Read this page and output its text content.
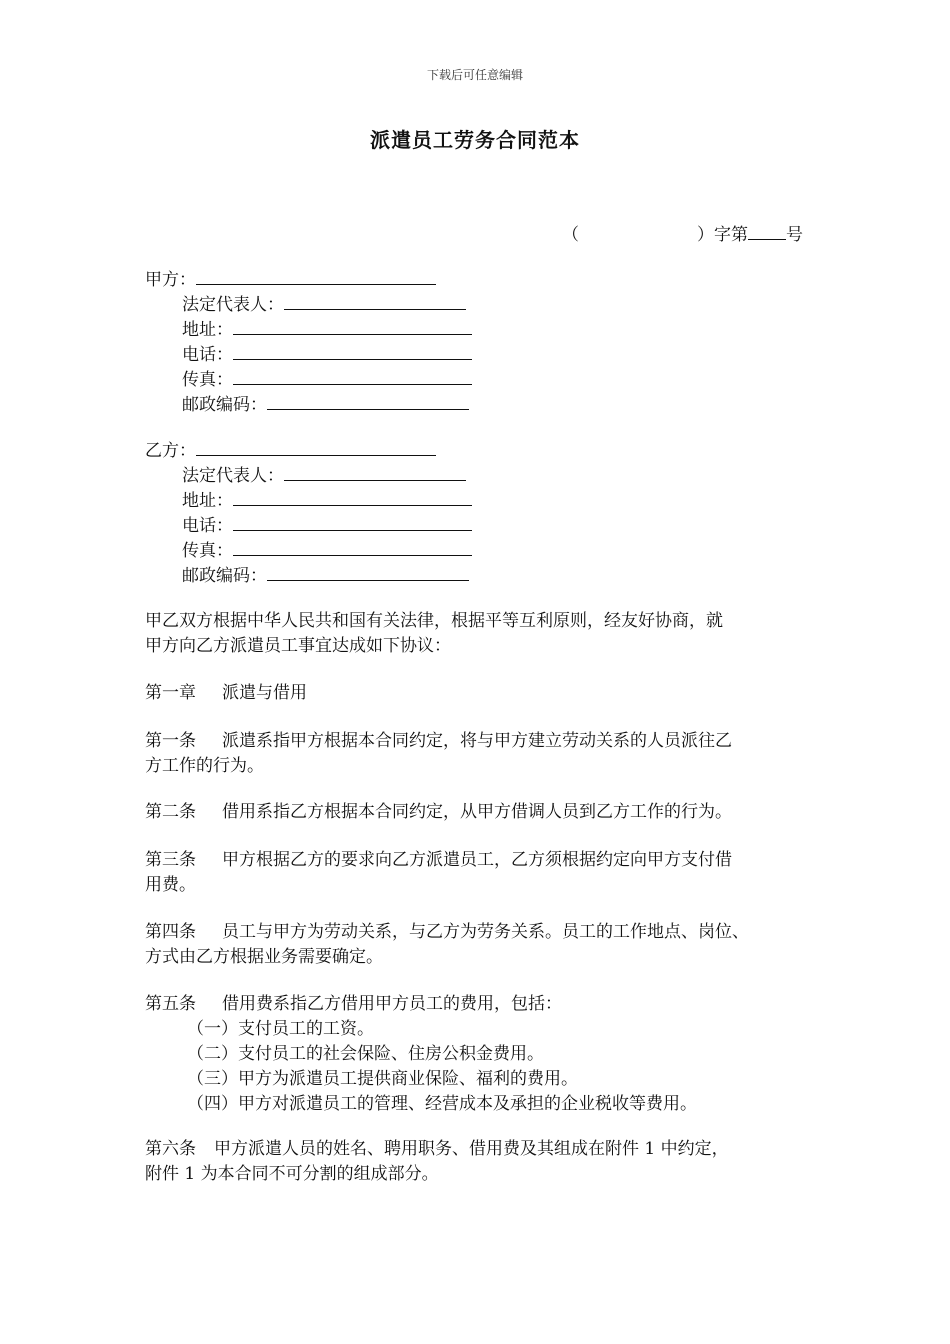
下载后可任意编辑
派遣员工劳务合同范本
（	）字第 号
甲方：
法定代表人：
地址：
电话：
传真：
邮政编码：
乙方：
法定代表人：
地址：
电话：
传真：
邮政编码：
甲乙双方根据中华人民共和国有关法律，根据平等互利原则，经友好协商，就
甲方向乙方派遣员工事宜达成如下协议：
第一章 派遣与借用
第一条 派遣系指甲方根据本合同约定，将与甲方建立劳动关系的人员派往乙
方工作的行为。
第二条 借用系指乙方根据本合同约定，从甲方借调人员到乙方工作的行为。
第三条 甲方根据乙方的要求向乙方派遣员工，乙方须根据约定向甲方支付借
用费。
第四条 员工与甲方为劳动关系，与乙方为劳务关系。员工的工作地点、岗位、
方式由乙方根据业务需要确定。
第五条 借用费系指乙方借用甲方员工的费用，包括：
（一）支付员工的工资。
（二）支付员工的社会保险、住房公积金费用。
（三）甲方为派遣员工提供商业保险、福利的费用。
（四）甲方对派遣员工的管理、经营成本及承担的企业税收等费用。
第六条 甲方派遣人员的姓名、聘用职务、借用费及其组成在附件 1 中约定，
附件 1 为本合同不可分割的组成部分。
